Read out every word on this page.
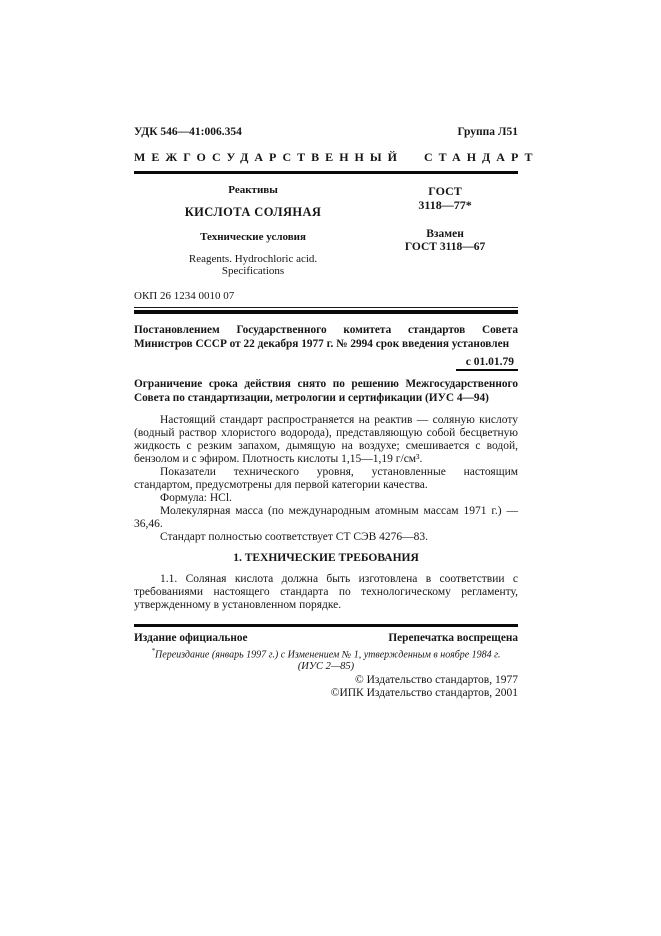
УДК 546—41:006.354	Группа Л51
МЕЖГОСУДАРСТВЕННЫЙ СТАНДАРТ
Реактивы
КИСЛОТА СОЛЯНАЯ
Технические условия
Reagents. Hydrochloric acid.
Specifications
ГОСТ
3118—77*
Взамен
ГОСТ 3118—67
ОКП 26 1234 0010 07
Постановлением Государственного комитета стандартов Совета Министров СССР от 22 декабря 1977 г. № 2994 срок введения установлен
с 01.01.79
Ограничение срока действия снято по решению Межгосударственного Совета по стандартизации, метрологии и сертификации (ИУС 4—94)

Настоящий стандарт распространяется на реактив — соляную кислоту (водный раствор хлористого водорода), представляющую собой бесцветную жидкость с резким запахом, дымящую на воздухе; смешивается с водой, бензолом и с эфиром. Плотность кислоты 1,15—1,19 г/см³.

Показатели технического уровня, установленные настоящим стандартом, предусмотрены для первой категории качества.

Формула: HCl.

Молекулярная масса (по международным атомным массам 1971 г.) — 36,46.

Стандарт полностью соответствует СТ СЭВ 4276—83.

1. ТЕХНИЧЕСКИЕ ТРЕБОВАНИЯ

1.1. Соляная кислота должна быть изготовлена в соответствии с требованиями настоящего стандарта по технологическому регламенту, утвержденному в установленном порядке.

Издание официальное	Перепечатка воспрещена
*Переиздание (январь 1997 г.) с Изменением № 1, утвержденным в ноябре 1984 г.
(ИУС 2—85)
© Издательство стандартов, 1977
©ИПК Издательство стандартов, 2001
